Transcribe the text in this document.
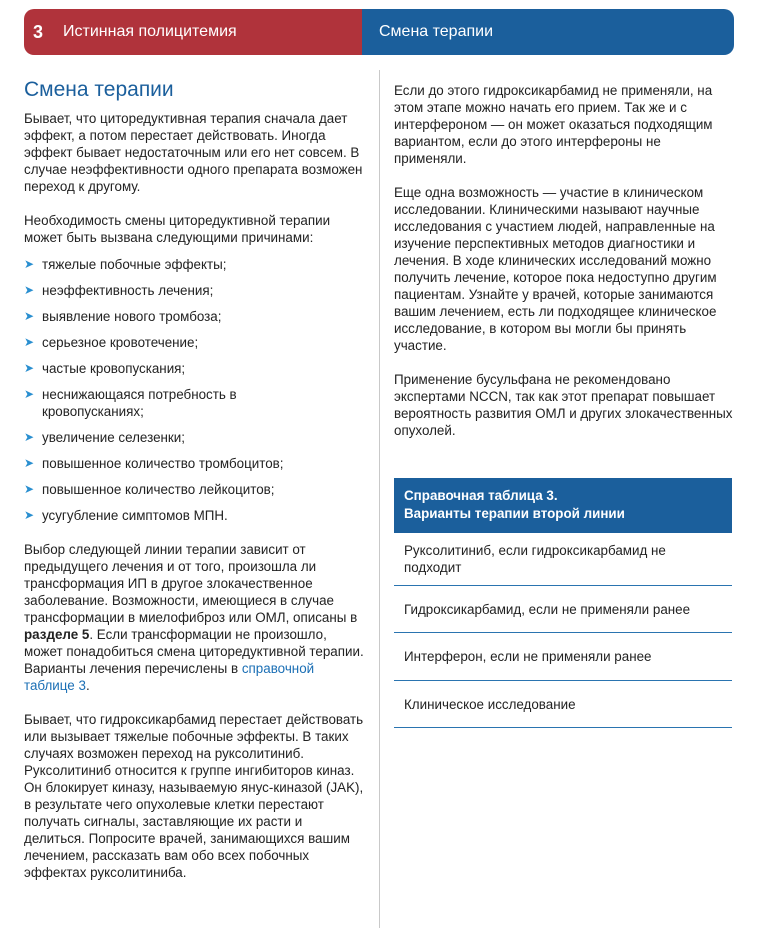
3	Истинная полицитемия	Смена терапии
Смена терапии

Бывает, что циторедуктивная терапия сначала дает эффект, а потом перестает действовать. Иногда эффект бывает недостаточным или его нет совсем. В случае неэффективности одного препарата возможен переход к другому.

Необходимость смены циторедуктивной терапии может быть вызвана следующими причинами:

➤ тяжелые побочные эффекты;
➤ неэффективность лечения;
➤ выявление нового тромбоза;
➤ серьезное кровотечение;
➤ частые кровопускания;
➤ неснижающаяся потребность в кровопусканиях;
➤ увеличение селезенки;
➤ повышенное количество тромбоцитов;
➤ повышенное количество лейкоцитов;
➤ усугубление симптомов МПН.

Выбор следующей линии терапии зависит от предыдущего лечения и от того, произошла ли трансформация ИП в другое злокачественное заболевание. Возможности, имеющиеся в случае трансформации в миелофиброз или ОМЛ, описаны в разделе 5. Если трансформации не произошло, может понадобиться смена циторедуктивной терапии. Варианты лечения перечислены в справочной таблице 3.

Бывает, что гидроксикарбамид перестает действовать или вызывает тяжелые побочные эффекты. В таких случаях возможен переход на руксолитиниб. Руксолитиниб относится к группе ингибиторов киназ. Он блокирует киназу, называемую янус-киназой (JAK), в результате чего опухолевые клетки перестают получать сигналы, заставляющие их расти и делиться. Попросите врачей, занимающихся вашим лечением, рассказать вам обо всех побочных эффектах руксолитиниба.

Если до этого гидроксикарбамид не применяли, на этом этапе можно начать его прием. Так же и с интерфероном — он может оказаться подходящим вариантом, если до этого интерфероны не применяли.

Еще одна возможность — участие в клиническом исследовании. Клиническими называют научные исследования с участием людей, направленные на изучение перспективных методов диагностики и лечения. В ходе клинических исследований можно получить лечение, которое пока недоступно другим пациентам. Узнайте у врачей, которые занимаются вашим лечением, есть ли подходящее клиническое исследование, в котором вы могли бы принять участие.

Применение бусульфана не рекомендовано экспертами NCCN, так как этот препарат повышает вероятность развития ОМЛ и других злокачественных опухолей.

Справочная таблица 3.
Варианты терапии второй линии
Руксолитиниб, если гидроксикарбамид не подходит
Гидроксикарбамид, если не применяли ранее
Интерферон, если не применяли ранее
Клиническое исследование
